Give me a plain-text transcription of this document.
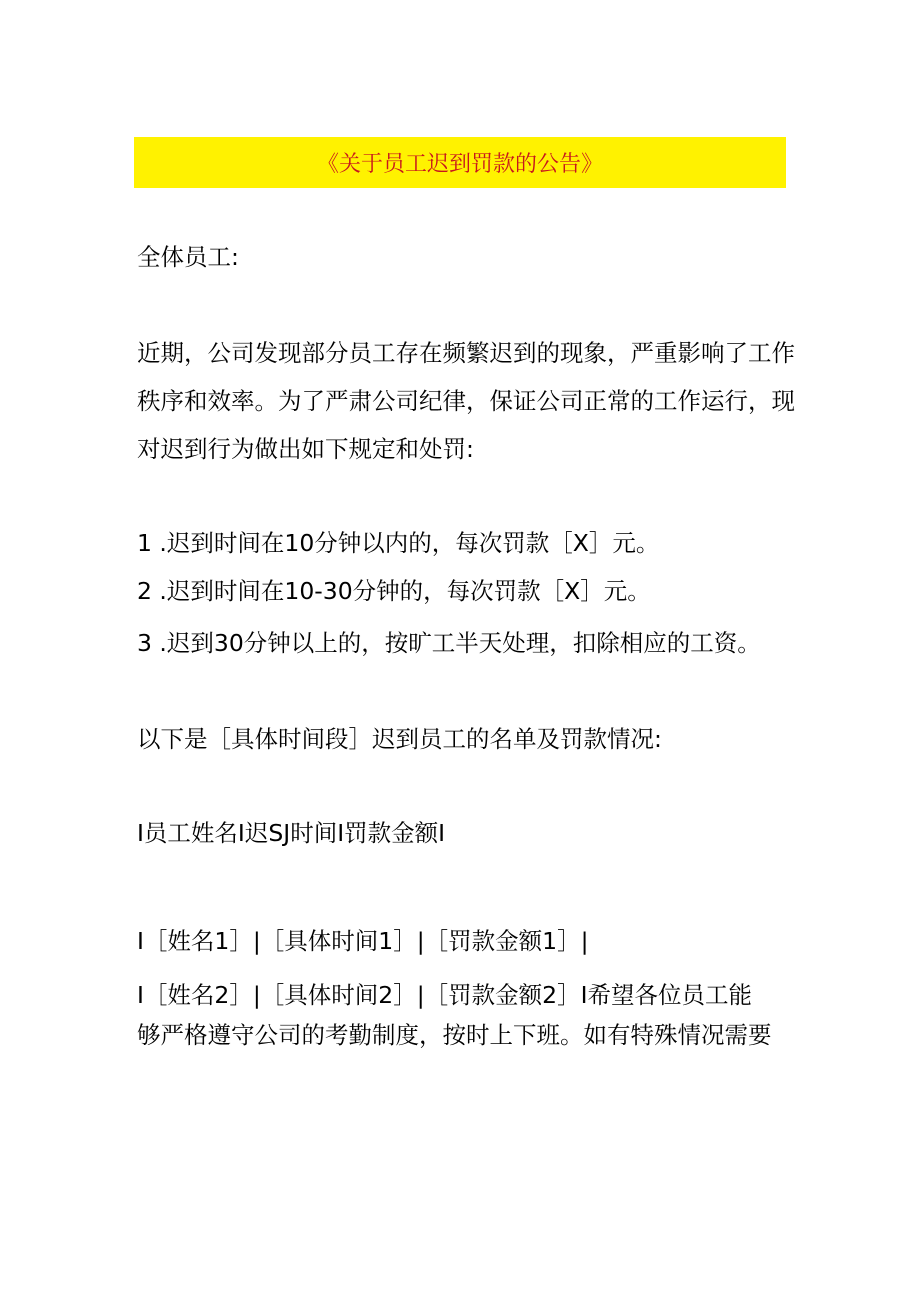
《关于员工迟到罚款的公告》
全体员工:
近期，公司发现部分员工存在频繁迟到的现象，严重影响了工作
秩序和效率。为了严肃公司纪律，保证公司正常的工作运行，现
对迟到行为做出如下规定和处罚:
1 .迟到时间在10分钟以内的，每次罚款［X］元。
2 .迟到时间在10-30分钟的，每次罚款［X］元。
3 .迟到30分钟以上的，按旷工半天处理，扣除相应的工资。
以下是［具体时间段］迟到员工的名单及罚款情况:
I员工姓名I迟SJ时间I罚款金额I
I［姓名1］|［具体时间1］|［罚款金额1］|
I［姓名2］|［具体时间2］|［罚款金额2］I希望各位员工能
够严格遵守公司的考勤制度，按时上下班。如有特殊情况需要
